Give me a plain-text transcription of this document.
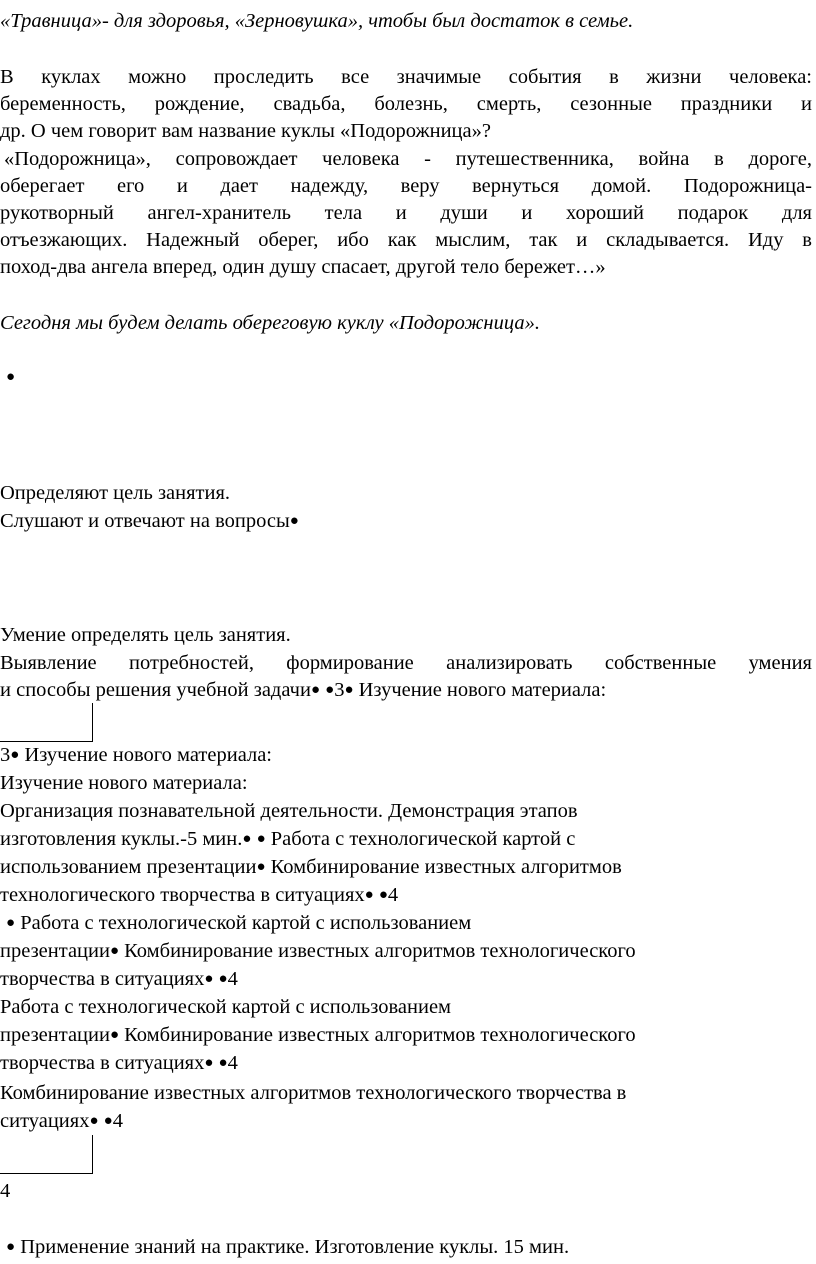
«Травница»- для здоровья, «Зерновушка», чтобы был достаток в семье.
В куклах можно проследить все значимые события в жизни человека:
беременность, рождение, свадьба, болезнь, смерть, сезонные праздники и
др. О чем говорит вам название куклы «Подорожница»?
«Подорожница», сопровождает человека - путешественника, война в дороге,
оберегает его и дает надежду, веру вернуться домой. Подорожница-
рукотворный ангел-хранитель тела и души и хороший подарок для
отъезжающих. Надежный оберег, ибо как мыслим, так и складывается. Иду в
поход-два ангела вперед, один душу спасает, другой тело бережет…»
Сегодня мы будем делать обереговую куклу «Подорожница».
●
Определяют цель занятия.
Слушают и отвечают на вопросы●
Умение определять цель занятия.
Выявление потребностей, формирование анализировать собственные умения
и способы решения учебной задачи● ●3● Изучение нового материала:
3● Изучение нового материала:
Изучение нового материала:
Организация познавательной деятельности. Демонстрация этапов
изготовления куклы.-5 мин.● ● Работа с технологической картой с
использованием презентации● Комбинирование известных алгоритмов
технологического творчества в ситуациях● ●4
● Работа с технологической картой с использованием
презентации● Комбинирование известных алгоритмов технологического
творчества в ситуациях● ●4
Работа с технологической картой с использованием
презентации● Комбинирование известных алгоритмов технологического
творчества в ситуациях● ●4
Комбинирование известных алгоритмов технологического творчества в
ситуациях● ●4
4
● Применение знаний на практике. Изготовление куклы. 15 мин.
